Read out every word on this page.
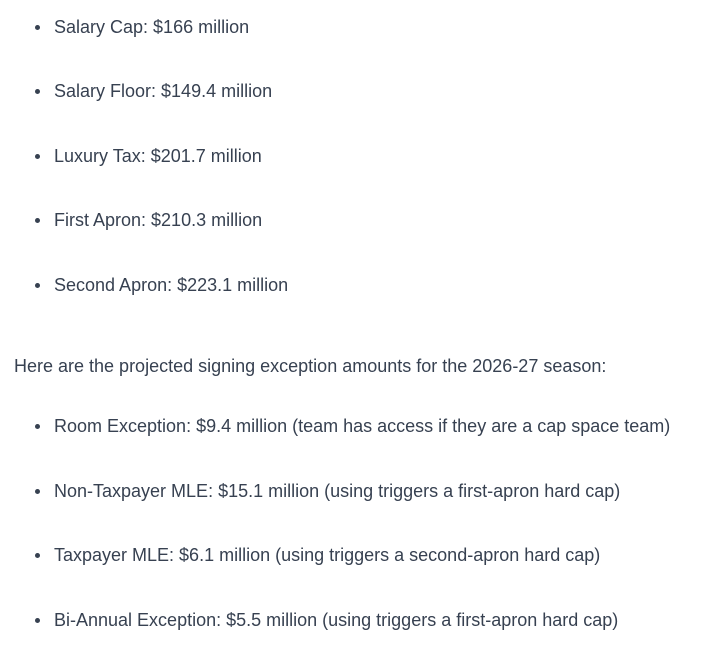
Salary Cap: $166 million
Salary Floor: $149.4 million
Luxury Tax: $201.7 million
First Apron: $210.3 million
Second Apron: $223.1 million

Here are the projected signing exception amounts for the 2026-27 season:

Room Exception: $9.4 million (team has access if they are a cap space team)
Non-Taxpayer MLE: $15.1 million (using triggers a first-apron hard cap)
Taxpayer MLE: $6.1 million (using triggers a second-apron hard cap)
Bi-Annual Exception: $5.5 million (using triggers a first-apron hard cap)
